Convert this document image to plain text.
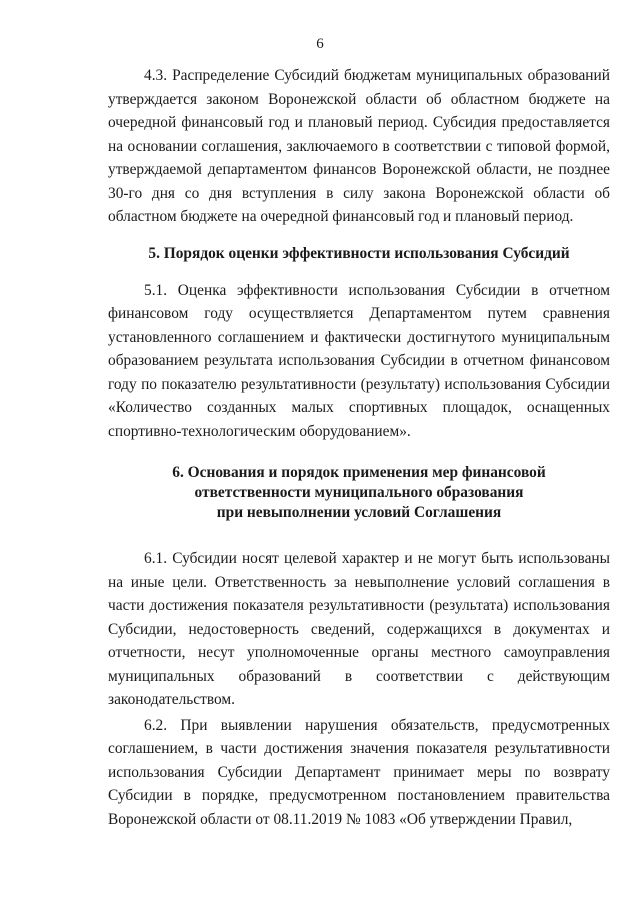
6

4.3. Распределение Субсидий бюджетам муниципальных образований утверждается законом Воронежской области об областном бюджете на очередной финансовый год и плановый период. Субсидия предоставляется на основании соглашения, заключаемого в соответствии с типовой формой, утверждаемой департаментом финансов Воронежской области, не позднее 30-го дня со дня вступления в силу закона Воронежской области об областном бюджете на очередной финансовый год и плановый период.

5. Порядок оценки эффективности использования Субсидий

5.1. Оценка эффективности использования Субсидии в отчетном финансовом году осуществляется Департаментом путем сравнения установленного соглашением и фактически достигнутого муниципальным образованием результата использования Субсидии в отчетном финансовом году по показателю результативности (результату) использования Субсидии «Количество созданных малых спортивных площадок, оснащенных спортивно-технологическим оборудованием».

6. Основания и порядок применения мер финансовой
ответственности муниципального образования
при невыполнении условий Соглашения

6.1. Субсидии носят целевой характер и не могут быть использованы на иные цели. Ответственность за невыполнение условий соглашения в части достижения показателя результативности (результата) использования Субсидии, недостоверность сведений, содержащихся в документах и отчетности, несут уполномоченные органы местного самоуправления муниципальных образований в соответствии с действующим законодательством.

6.2. При выявлении нарушения обязательств, предусмотренных соглашением, в части достижения значения показателя результативности использования Субсидии Департамент принимает меры по возврату Субсидии в порядке, предусмотренном постановлением правительства Воронежской области от 08.11.2019 № 1083 «Об утверждении Правил,
